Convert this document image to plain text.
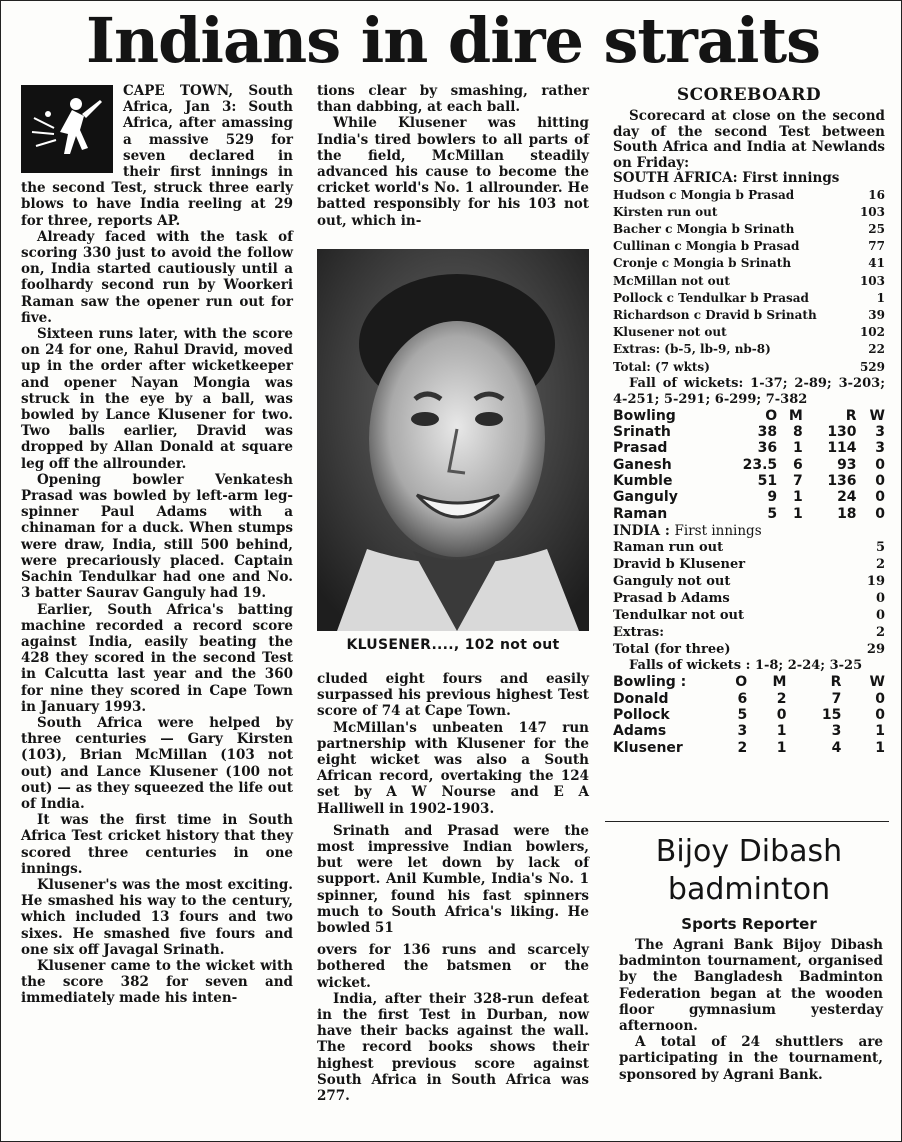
Indians in dire straits

CAPE TOWN, South Africa, Jan 3: South Africa, after amassing a massive 529 for seven declared in their first innings in the second Test, struck three early blows to have India reeling at 29 for three, reports AP.

Already faced with the task of scoring 330 just to avoid the follow on, India started cautiously until a foolhardy second run by Woorkeri Raman saw the opener run out for five.

Sixteen runs later, with the score on 24 for one, Rahul Dravid, moved up in the order after wicketkeeper and opener Nayan Mongia was struck in the eye by a ball, was bowled by Lance Klusener for two. Two balls earlier, Dravid was dropped by Allan Donald at square leg off the allrounder.

Opening bowler Venkatesh Prasad was bowled by left-arm leg-spinner Paul Adams with a chinaman for a duck. When stumps were draw, India, still 500 behind, were precariously placed. Captain Sachin Tendulkar had one and No. 3 batter Saurav Ganguly had 19.

Earlier, South Africa's batting machine recorded a record score against India, easily beating the 428 they scored in the second Test in Calcutta last year and the 360 for nine they scored in Cape Town in January 1993.

South Africa were helped by three centuries — Gary Kirsten (103), Brian McMillan (103 not out) and Lance Klusener (100 not out) — as they squeezed the life out of India.

It was the first time in South Africa Test cricket history that they scored three centuries in one innings.

Klusener's was the most exciting. He smashed his way to the century, which included 13 fours and two sixes. He smashed five fours and one six off Javagal Srinath.

Klusener came to the wicket with the score 382 for seven and immediately made his inten-

tions clear by smashing, rather than dabbing, at each ball.

While Klusener was hitting India's tired bowlers to all parts of the field, McMillan steadily advanced his cause to become the cricket world's No. 1 allrounder. He batted responsibly for his 103 not out, which in-

KLUSENER...., 102 not out

cluded eight fours and easily surpassed his previous highest Test score of 74 at Cape Town.

McMillan's unbeaten 147 run partnership with Klusener for the eight wicket was also a South African record, overtaking the 124 set by A W Nourse and E A Halliwell in 1902-1903.

Srinath and Prasad were the most impressive Indian bowlers, but were let down by lack of support. Anil Kumble, India's No. 1 spinner, found his fast spinners much to South Africa's liking. He bowled 51

overs for 136 runs and scarcely bothered the batsmen or the wicket.

India, after their 328-run defeat in the first Test in Durban, now have their backs against the wall. The record books shows their highest previous score against South Africa in South Africa was 277.

SCOREBOARD
Scorecard at close on the second day of the second Test between South Africa and India at Newlands on Friday:
SOUTH AFRICA: First innings
Hudson c Mongia b Prasad	16
Kirsten run out	103
Bacher c Mongia b Srinath	25
Cullinan c Mongia b Prasad	77
Cronje c Mongia b Srinath	41
McMillan not out	103
Pollock c Tendulkar b Prasad	1
Richardson c Dravid b Srinath	39
Klusener not out	102
Extras: (b-5, lb-9, nb-8)	22
Total: (7 wkts)	529
Fall of wickets: 1-37; 2-89; 3-203; 4-251; 5-291; 6-299; 7-382
Bowling	O	M	R	W
Srinath	38	8	130	3
Prasad	36	1	114	3
Ganesh	23.5	6	93	0
Kumble	51	7	136	0
Ganguly	9	1	24	0
Raman	5	1	18	0
INDIA : First innings
Raman run out	5
Dravid b Klusener	2
Ganguly not out	19
Prasad b Adams	0
Tendulkar not out	0
Extras:	2
Total (for three)	29
Falls of wickets : 1-8; 2-24; 3-25
Bowling :	O	M	R	W
Donald	6	2	7	0
Pollock	5	0	15	0
Adams	3	1	3	1
Klusener	2	1	4	1
Bijoy Dibash
badminton
Sports Reporter

The Agrani Bank Bijoy Dibash badminton tournament, organised by the Bangladesh Badminton Federation began at the wooden floor gymnasium yesterday afternoon.

A total of 24 shuttlers are participating in the tournament, sponsored by Agrani Bank.
